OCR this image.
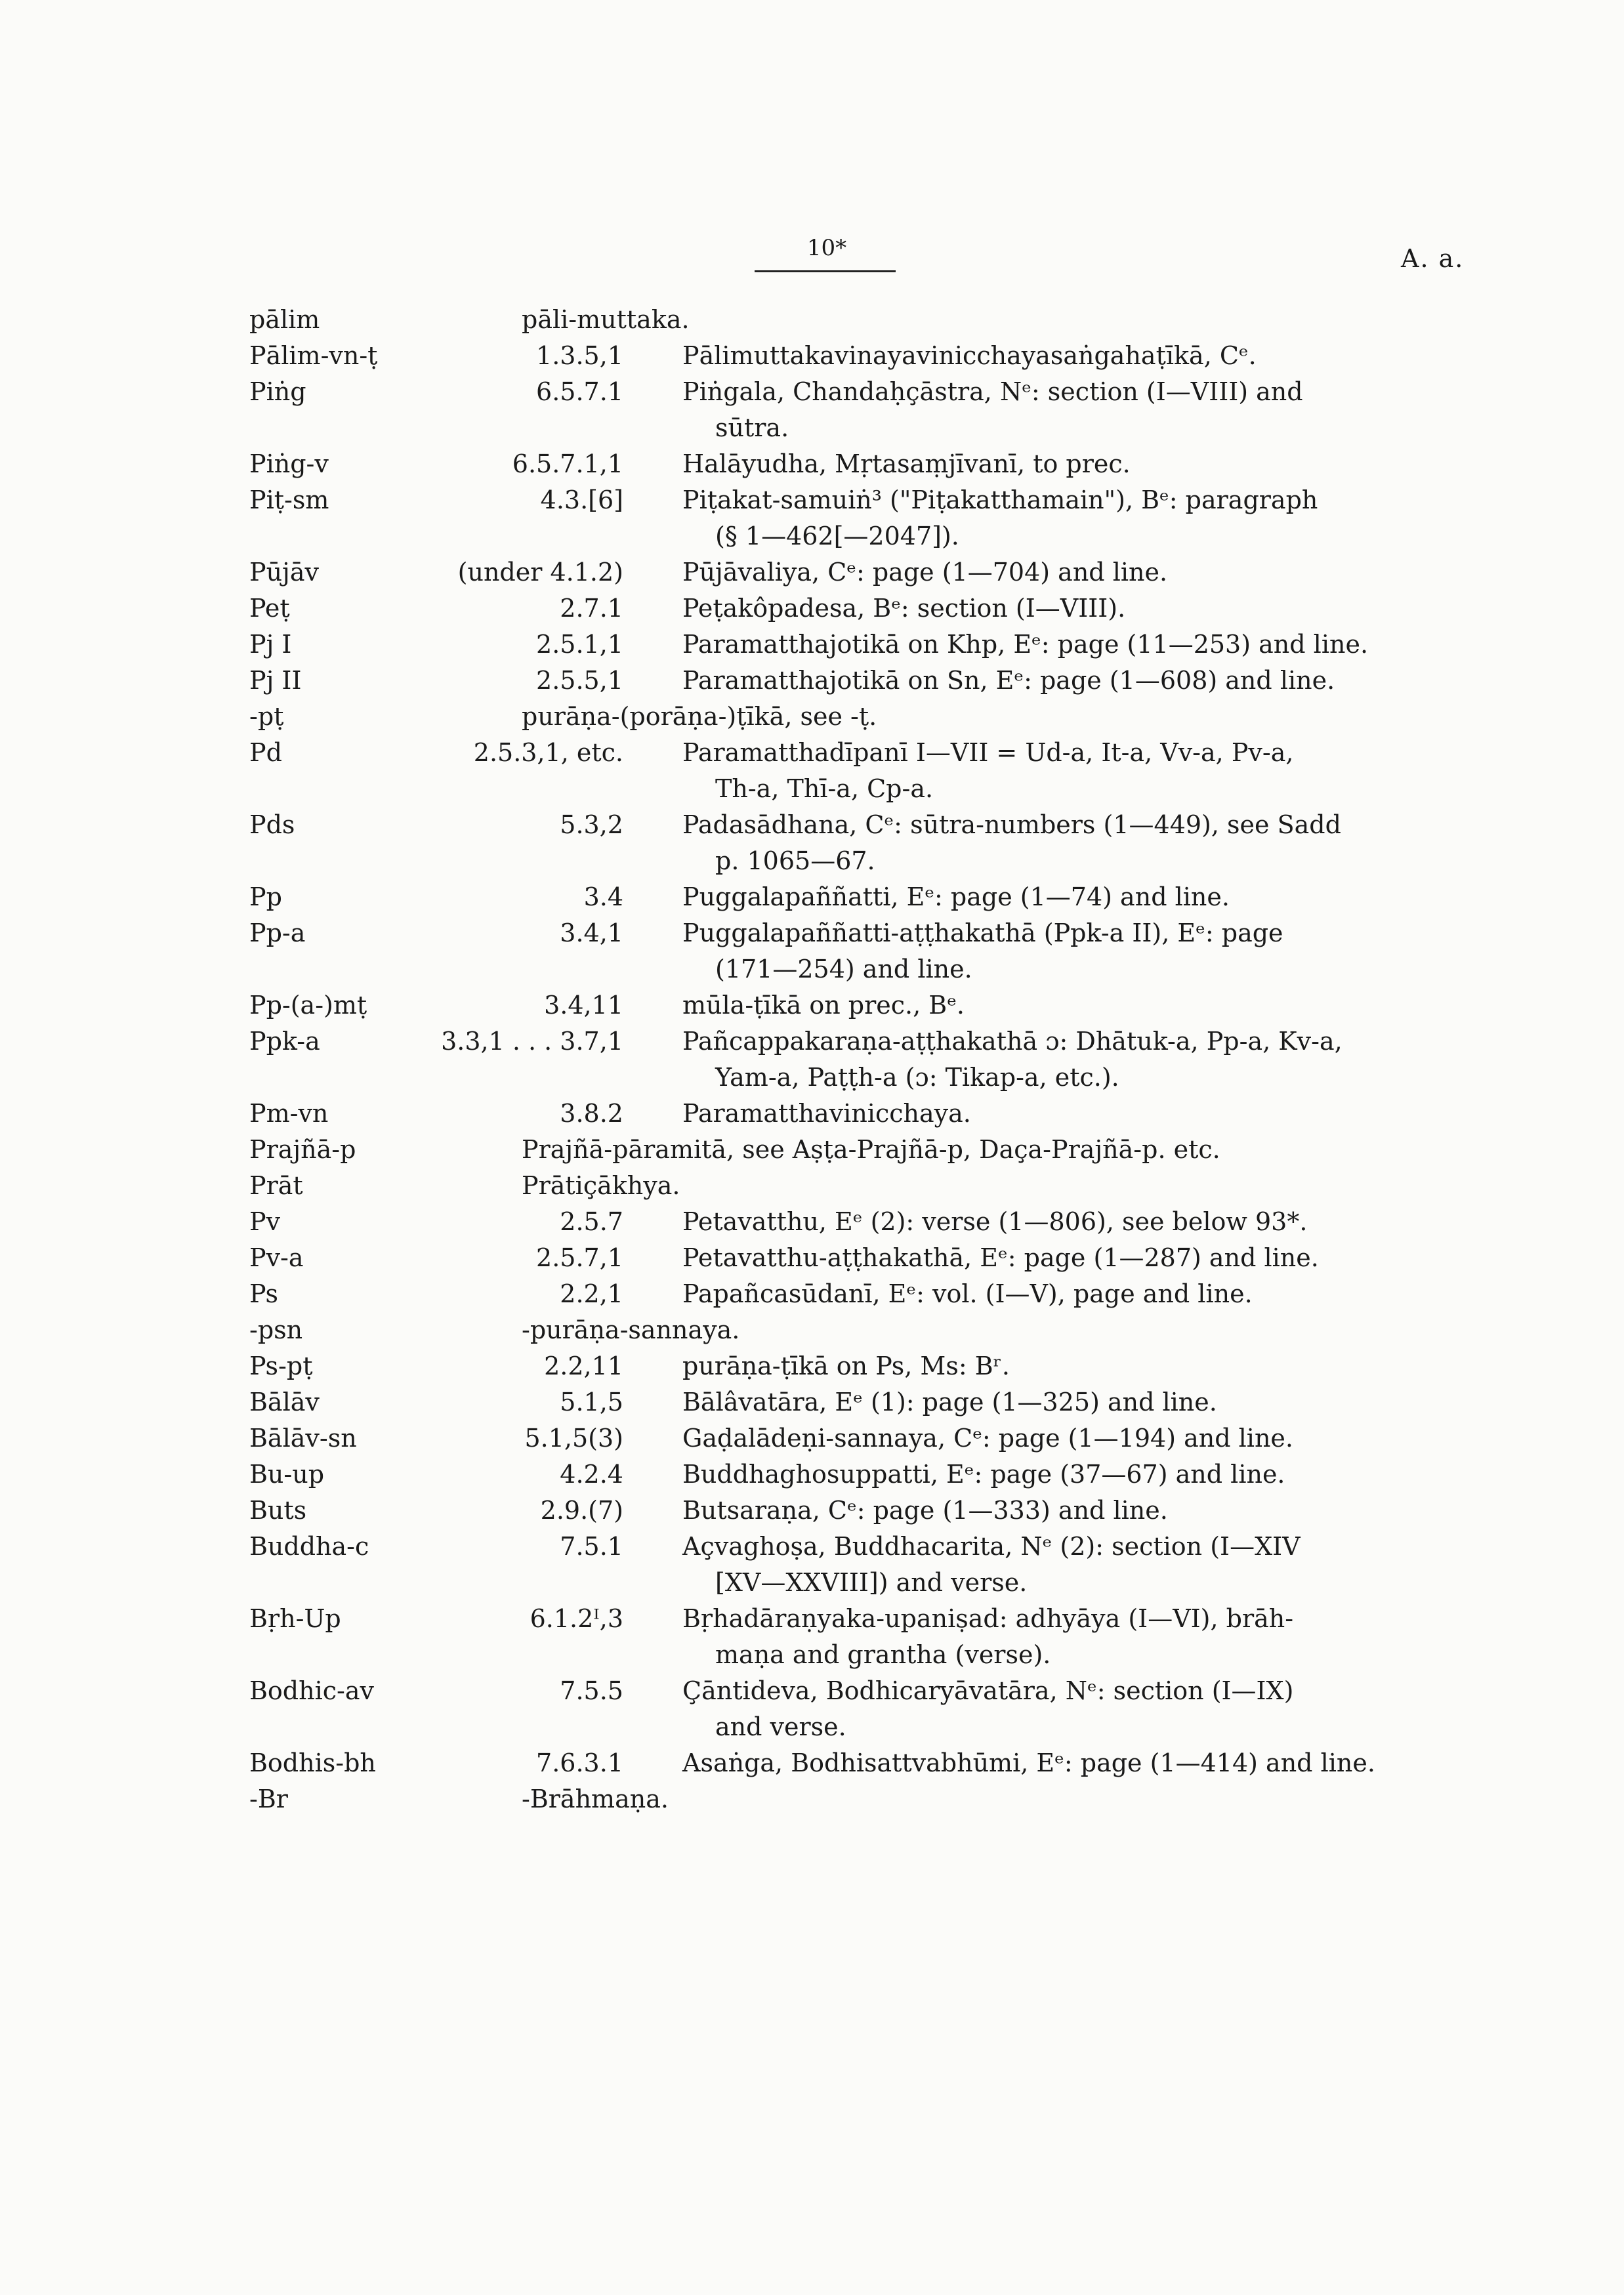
10*	A. a.
pālim	pāli-muttaka.
Pālim-vn-ṭ	1.3.5,1 Pālimuttakavinayavinicchayasaṅgahaṭīkā, Cᵉ.
Piṅg	6.5.7.1 Piṅgala, Chandaḥçāstra, Nᵉ: section (I—VIII) and
sūtra.
Piṅg-v	6.5.7.1,1 Halāyudha, Mṛtasaṃjīvanī, to prec.
Piṭ-sm	4.3.[6] Piṭakat-samuiṅ³ ("Piṭakatthamain"), Bᵉ: paragraph
(§ 1—462[—2047]).
Pūjāv	(under 4.1.2) Pūjāvaliya, Cᵉ: page (1—704) and line.
Peṭ	2.7.1 Peṭakôpadesa, Bᵉ: section (I—VIII).
Pj I	2.5.1,1 Paramatthajotikā on Khp, Eᵉ: page (11—253) and line.
Pj II	2.5.5,1 Paramatthajotikā on Sn, Eᵉ: page (1—608) and line.
-pṭ	purāṇa-(porāṇa-)ṭīkā, see -ṭ.
Pd	2.5.3,1, etc. Paramatthadīpanī I—VII = Ud-a, It-a, Vv-a, Pv-a,
Th-a, Thī-a, Cp-a.
Pds	5.3,2 Padasādhana, Cᵉ: sūtra-numbers (1—449), see Sadd
p. 1065—67.
Pp	3.4 Puggalapaññatti, Eᵉ: page (1—74) and line.
Pp-a	3.4,1 Puggalapaññatti-aṭṭhakathā (Ppk-a II), Eᵉ: page
(171—254) and line.
Pp-(a-)mṭ	3.4,11 mūla-ṭīkā on prec., Bᵉ.
Ppk-a	3.3,1 . . . 3.7,1 Pañcappakaraṇa-aṭṭhakathā ɔ: Dhātuk-a, Pp-a, Kv-a,
Yam-a, Paṭṭh-a (ɔ: Tikap-a, etc.).
Pm-vn	3.8.2 Paramatthavinicchaya.
Prajñā-p	Prajñā-pāramitā, see Aṣṭa-Prajñā-p, Daça-Prajñā-p. etc.
Prāt	Prātiçākhya.
Pv	2.5.7 Petavatthu, Eᵉ (2): verse (1—806), see below 93*.
Pv-a	2.5.7,1 Petavatthu-aṭṭhakathā, Eᵉ: page (1—287) and line.
Ps	2.2,1 Papañcasūdanī, Eᵉ: vol. (I—V), page and line.
-psn	-purāṇa-sannaya.
Ps-pṭ	2.2,11 purāṇa-ṭīkā on Ps, Ms: Bʳ.
Bālāv	5.1,5 Bālâvatāra, Eᵉ (1): page (1—325) and line.
Bālāv-sn	5.1,5(3) Gaḍalādeṇi-sannaya, Cᵉ: page (1—194) and line.
Bu-up	4.2.4 Buddhaghosuppatti, Eᵉ: page (37—67) and line.
Buts	2.9.(7) Butsaraṇa, Cᵉ: page (1—333) and line.
Buddha-c	7.5.1 Açvaghoṣa, Buddhacarita, Nᵉ (2): section (I—XIV
[XV—XXVIII]) and verse.
Bṛh-Up	6.1.2ᴵ,3 Bṛhadāraṇyaka-upaniṣad: adhyāya (I—VI), brāh-
maṇa and grantha (verse).
Bodhic-av	7.5.5 Çāntideva, Bodhicaryāvatāra, Nᵉ: section (I—IX)
and verse.
Bodhis-bh	7.6.3.1 Asaṅga, Bodhisattvabhūmi, Eᵉ: page (1—414) and line.
-Br	-Brāhmaṇa.
